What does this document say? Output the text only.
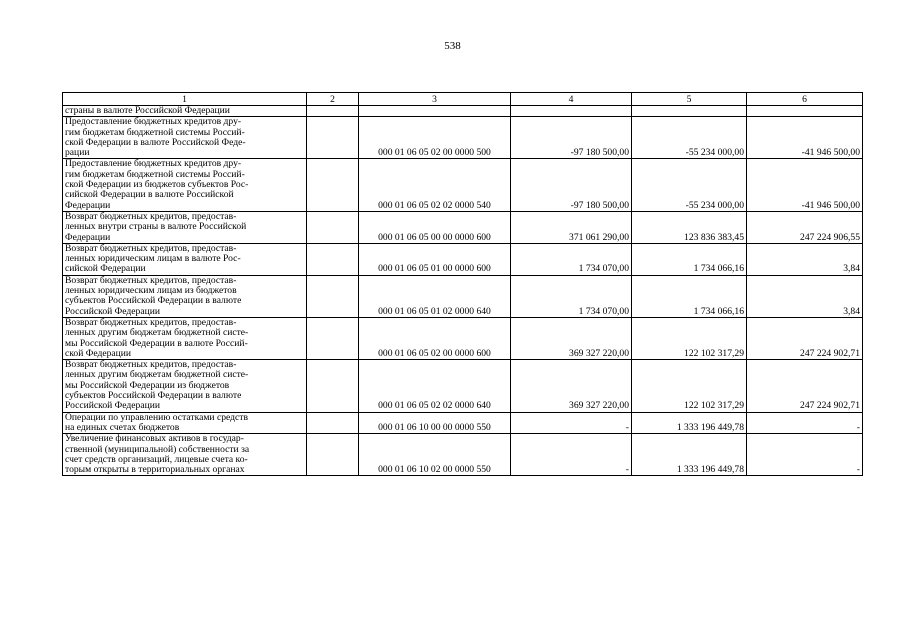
538
1	2	3	4	5	6

страны в валюте Российской Федерации					

Предоставление бюджетных кредитов дру-
гим бюджетам бюджетной системы Россий-
ской Федерации в валюте Российской Феде-
рации		000 01 06 05 02 00 0000 500	-97 180 500,00	-55 234 000,00	-41 946 500,00

Предоставление бюджетных кредитов дру-
гим бюджетам бюджетной системы Россий-
ской Федерации из бюджетов субъектов Рос-
сийской Федерации в валюте Российской
Федерации		000 01 06 05 02 02 0000 540	-97 180 500,00	-55 234 000,00	-41 946 500,00

Возврат бюджетных кредитов, предостав-
ленных внутри страны в валюте Российской
Федерации		000 01 06 05 00 00 0000 600	371 061 290,00	123 836 383,45	247 224 906,55

Возврат бюджетных кредитов, предостав-
ленных юридическим лицам в валюте Рос-
сийской Федерации		000 01 06 05 01 00 0000 600	1 734 070,00	1 734 066,16	3,84

Возврат бюджетных кредитов, предостав-
ленных юридическим лицам из бюджетов
субъектов Российской Федерации в валюте
Российской Федерации		000 01 06 05 01 02 0000 640	1 734 070,00	1 734 066,16	3,84

Возврат бюджетных кредитов, предостав-
ленных другим бюджетам бюджетной систе-
мы Российской Федерации в валюте Россий-
ской Федерации		000 01 06 05 02 00 0000 600	369 327 220,00	122 102 317,29	247 224 902,71

Возврат бюджетных кредитов, предостав-
ленных другим бюджетам бюджетной систе-
мы Российской Федерации из бюджетов
субъектов Российской Федерации в валюте
Российской Федерации		000 01 06 05 02 02 0000 640	369 327 220,00	122 102 317,29	247 224 902,71

Операции по управлению остатками средств
на единых счетах бюджетов		000 01 06 10 00 00 0000 550	-	1 333 196 449,78	-

Увеличение финансовых активов в государ-
ственной (муниципальной) собственности за
счет средств организаций, лицевые счета ко-
торым открыты в территориальных органах		000 01 06 10 02 00 0000 550	-	1 333 196 449,78	-
